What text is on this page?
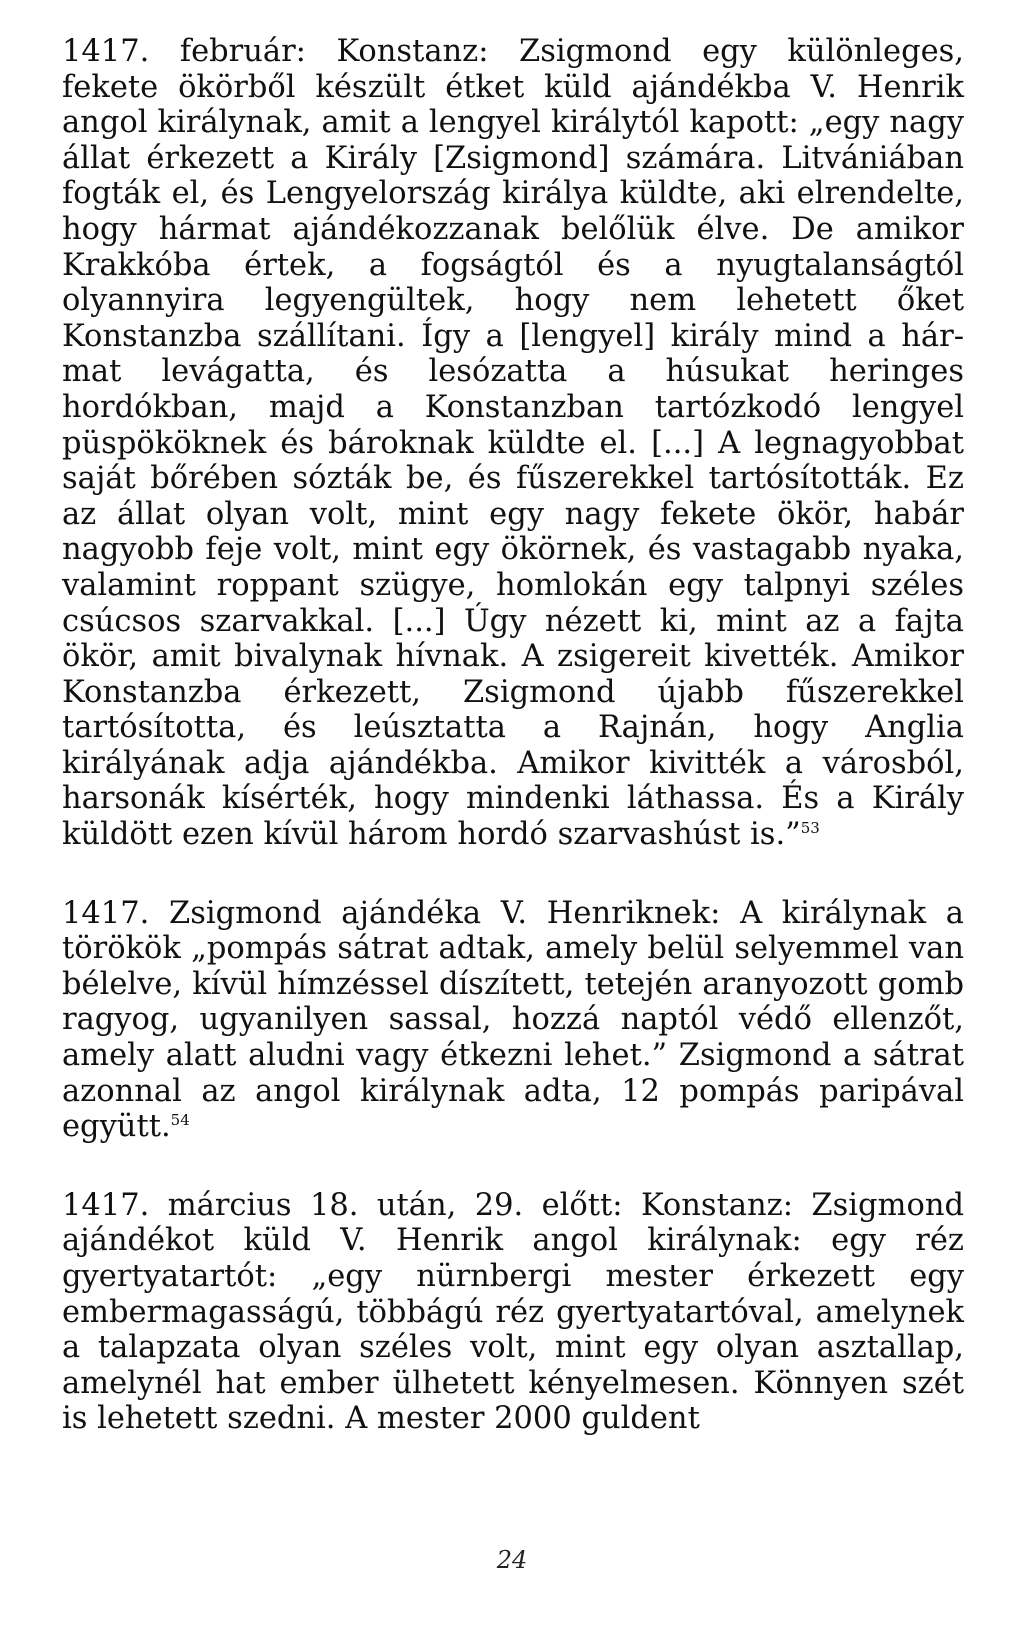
1417. február: Konstanz: Zsigmond egy különleges, fekete ökörből készült étket küld ajándékba V. Henrik angol királynak, amit a lengyel királytól kapott: „egy nagy állat érkezett a Király [Zsigmond] számára. Litvániában fogták el, és Lengyelország királya küldte, aki elrendelte, hogy hármat ajándékozzanak belőlük élve. De amikor Krakkóba értek, a fogságtól és a nyugtalanságtól olyannyira legyengültek, hogy nem lehetett őket Konstanzba szállítani. Így a [lengyel] király mind a hármat levágatta, és lesózatta a húsukat heringes hordókban, majd a Konstanzban tartózkodó lengyel püspököknek és bároknak küldte el. [...] A legnagyobbat saját bőrében sózták be, és fűszerekkel tartósították. Ez az állat olyan volt, mint egy nagy fekete ökör, habár nagyobb feje volt, mint egy ökörnek, és vastagabb nyaka, valamint roppant szügye, homlokán egy talpnyi széles csúcsos szarvakkal. [...] Úgy nézett ki, mint az a fajta ökör, amit bivalynak hívnak. A zsigereit kivették. Amikor Konstanzba érkezett, Zsigmond újabb fűszerekkel tartósította, és leúsztatta a Rajnán, hogy Anglia királyának adja ajándékba. Amikor kivitték a városból, harsonák kísérték, hogy mindenki láthassa. És a Király küldött ezen kívül három hordó szarvashúst is.”$^{53}$

1417. Zsigmond ajándéka V. Henriknek: A királynak a törökök „pompás sátrat adtak, amely belül selyemmel van bélelve, kívül hímzéssel díszített, tetején aranyozott gomb ragyog, ugyanilyen sassal, hozzá naptól védő ellenzőt, amely alatt aludni vagy étkezni lehet.” Zsigmond a sátrat azonnal az angol királynak adta, 12 pompás paripával együtt.$^{54}$

1417. március 18. után, 29. előtt: Konstanz: Zsigmond ajándékot küld V. Henrik angol királynak: egy réz gyertyatartót: „egy nürnbergi mester érkezett egy embermagasságú, többágú réz gyertyatartóval, amelynek a talapzata olyan széles volt, mint egy olyan asztallap, amelynél hat ember ülhetett kényelmesen. Könnyen szét is lehetett szedni. A mester 2000 guldent

24
